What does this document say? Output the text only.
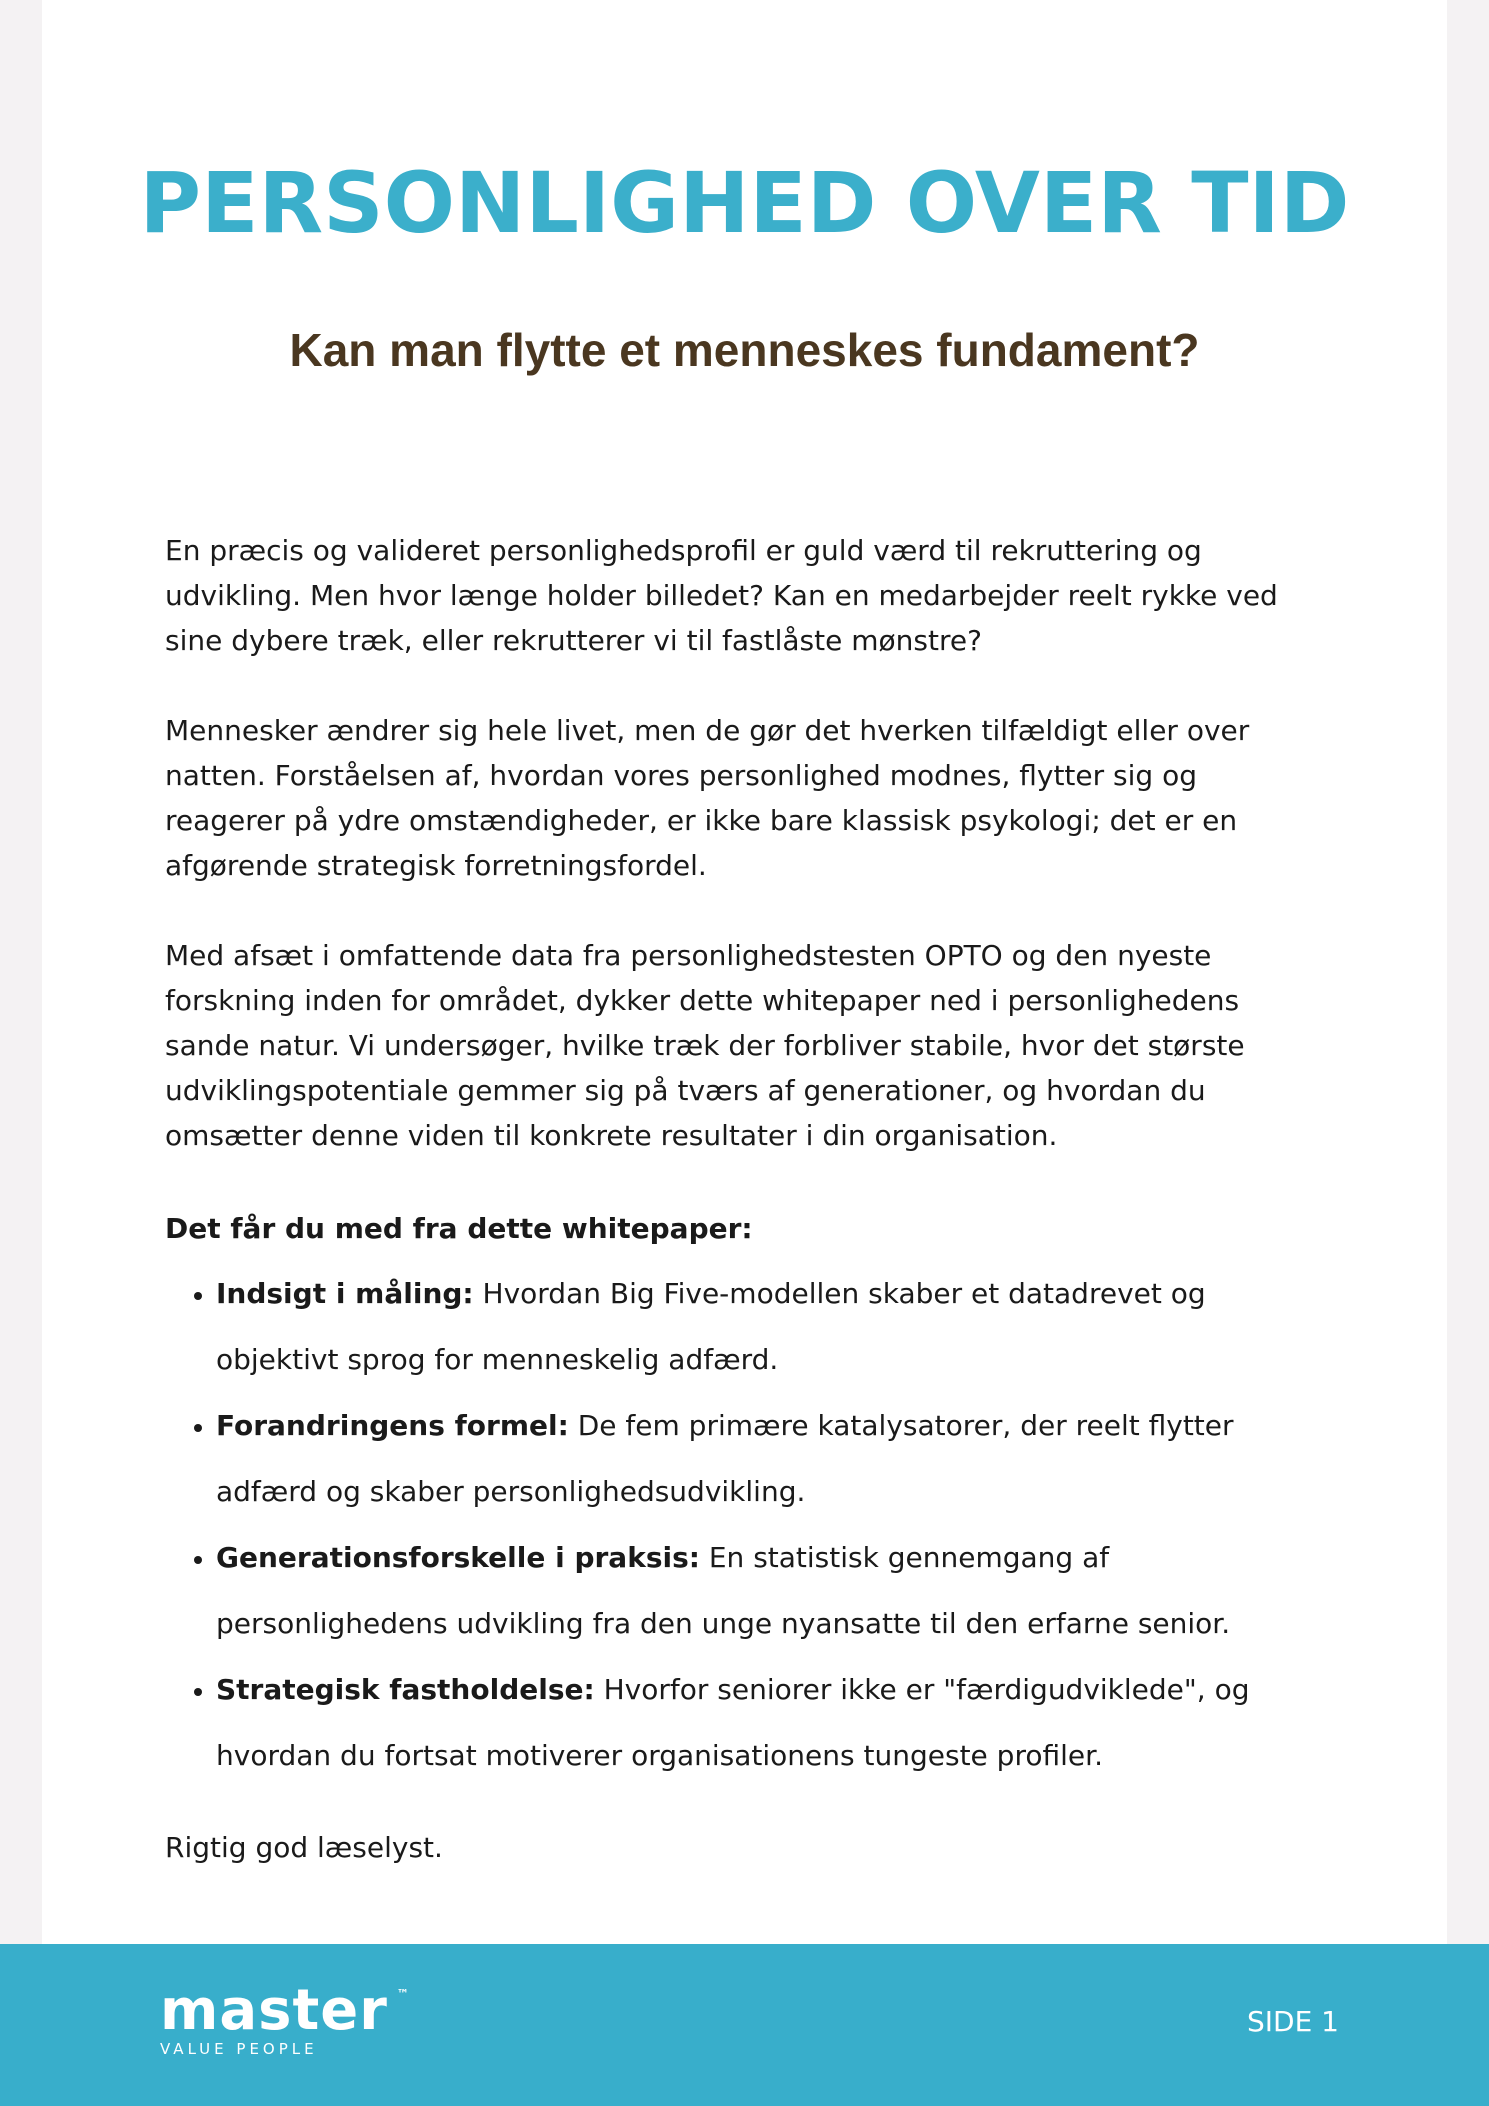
PERSONLIGHED OVER TID
Kan man flytte et menneskes fundament?

En præcis og valideret personlighedsprofil er guld værd til rekruttering og udvikling. Men hvor længe holder billedet? Kan en medarbejder reelt rykke ved sine dybere træk, eller rekrutterer vi til fastlåste mønstre?

Mennesker ændrer sig hele livet, men de gør det hverken tilfældigt eller over natten. Forståelsen af, hvordan vores personlighed modnes, flytter sig og reagerer på ydre omstændigheder, er ikke bare klassisk psykologi; det er en afgørende strategisk forretningsfordel.

Med afsæt i omfattende data fra personlighedstesten OPTO og den nyeste forskning inden for området, dykker dette whitepaper ned i personlighedens sande natur. Vi undersøger, hvilke træk der forbliver stabile, hvor det største udviklingspotentiale gemmer sig på tværs af generationer, og hvordan du omsætter denne viden til konkrete resultater i din organisation.

Det får du med fra dette whitepaper:
• Indsigt i måling: Hvordan Big Five-modellen skaber et datadrevet og objektivt sprog for menneskelig adfærd.
• Forandringens formel: De fem primære katalysatorer, der reelt flytter adfærd og skaber personlighedsudvikling.
• Generationsforskelle i praksis: En statistisk gennemgang af personlighedens udvikling fra den unge nyansatte til den erfarne senior.
• Strategisk fastholdelse: Hvorfor seniorer ikke er "færdigudviklede", og hvordan du fortsat motiverer organisationens tungeste profiler.

Rigtig god læselyst.

master ™
VALUE PEOPLE
SIDE 1
